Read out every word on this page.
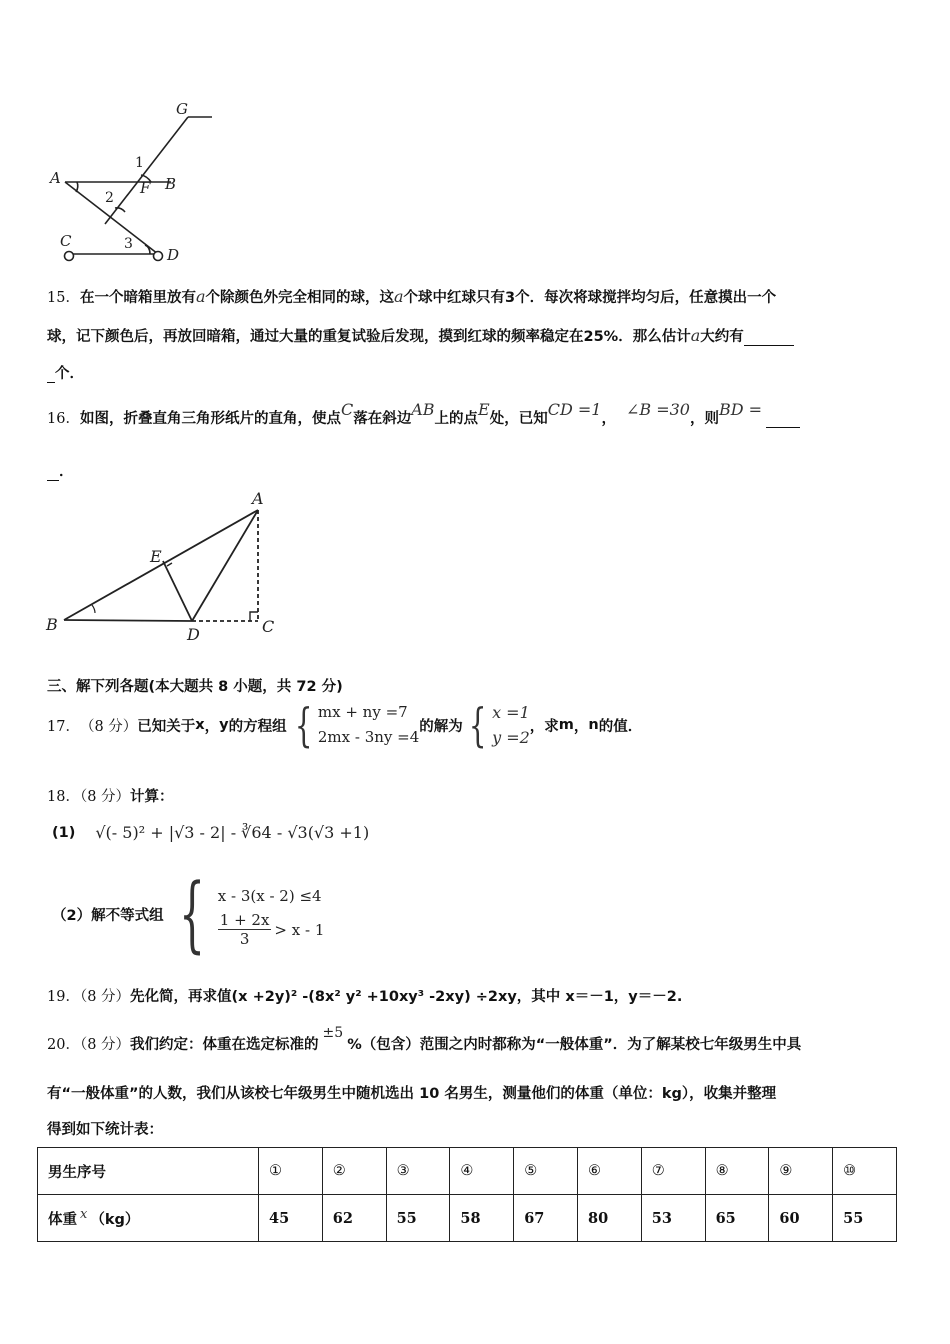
G
A	B
F
C
D
1
2
3
15．在一个暗箱里放有a个除颜色外完全相同的球，这a个球中红球只有3个．每次将球搅拌均匀后，任意摸出一个
球，记下颜色后，再放回暗箱，通过大量的重复试验后发现，摸到红球的频率稳定在25%．那么估计a大约有
个．
16．如图，折叠直角三角形纸片的直角，使点C落在斜边AB上的点E处，已知CD =1， ∠B =30，则BD =
．
A
B	C
D
E
三、解下列各题(本大题共 8 小题，共 72 分)
17． （8 分） 已知关于 x ， y 的方程组 { mx + ny =7
2mx - 3ny =4
的解为 { x =1
y =2
，求 m ， n 的值．
18．（8 分）计算：
(1) √(- 5)² + |√3 - 2| - ∛64 - √3(√3 +1)
（2）解不等式组 { x - 3(x - 2) ≤4
$\frac{1 + 2x}{3} > x - 1$
19．（8 分）先化简，再求值(x +2y)² -(8x² y² +10xy³ -2xy) ÷2xy，其中 x＝－1，y＝－2.
20．（8 分）我们约定：体重在选定标准的±5%（包含）范围之内时都称为“一般体重”．为了解某校七年级男生中具
有“一般体重”的人数，我们从该校七年级男生中随机选出 10 名男生，测量他们的体重（单位：kg），收集并整理
得到如下统计表：
男生序号	①	②	③	④	⑤	⑥	⑦	⑧	⑨	⑩
体重 x （kg）	45	62	55	58	67	80	53	65	60	55
